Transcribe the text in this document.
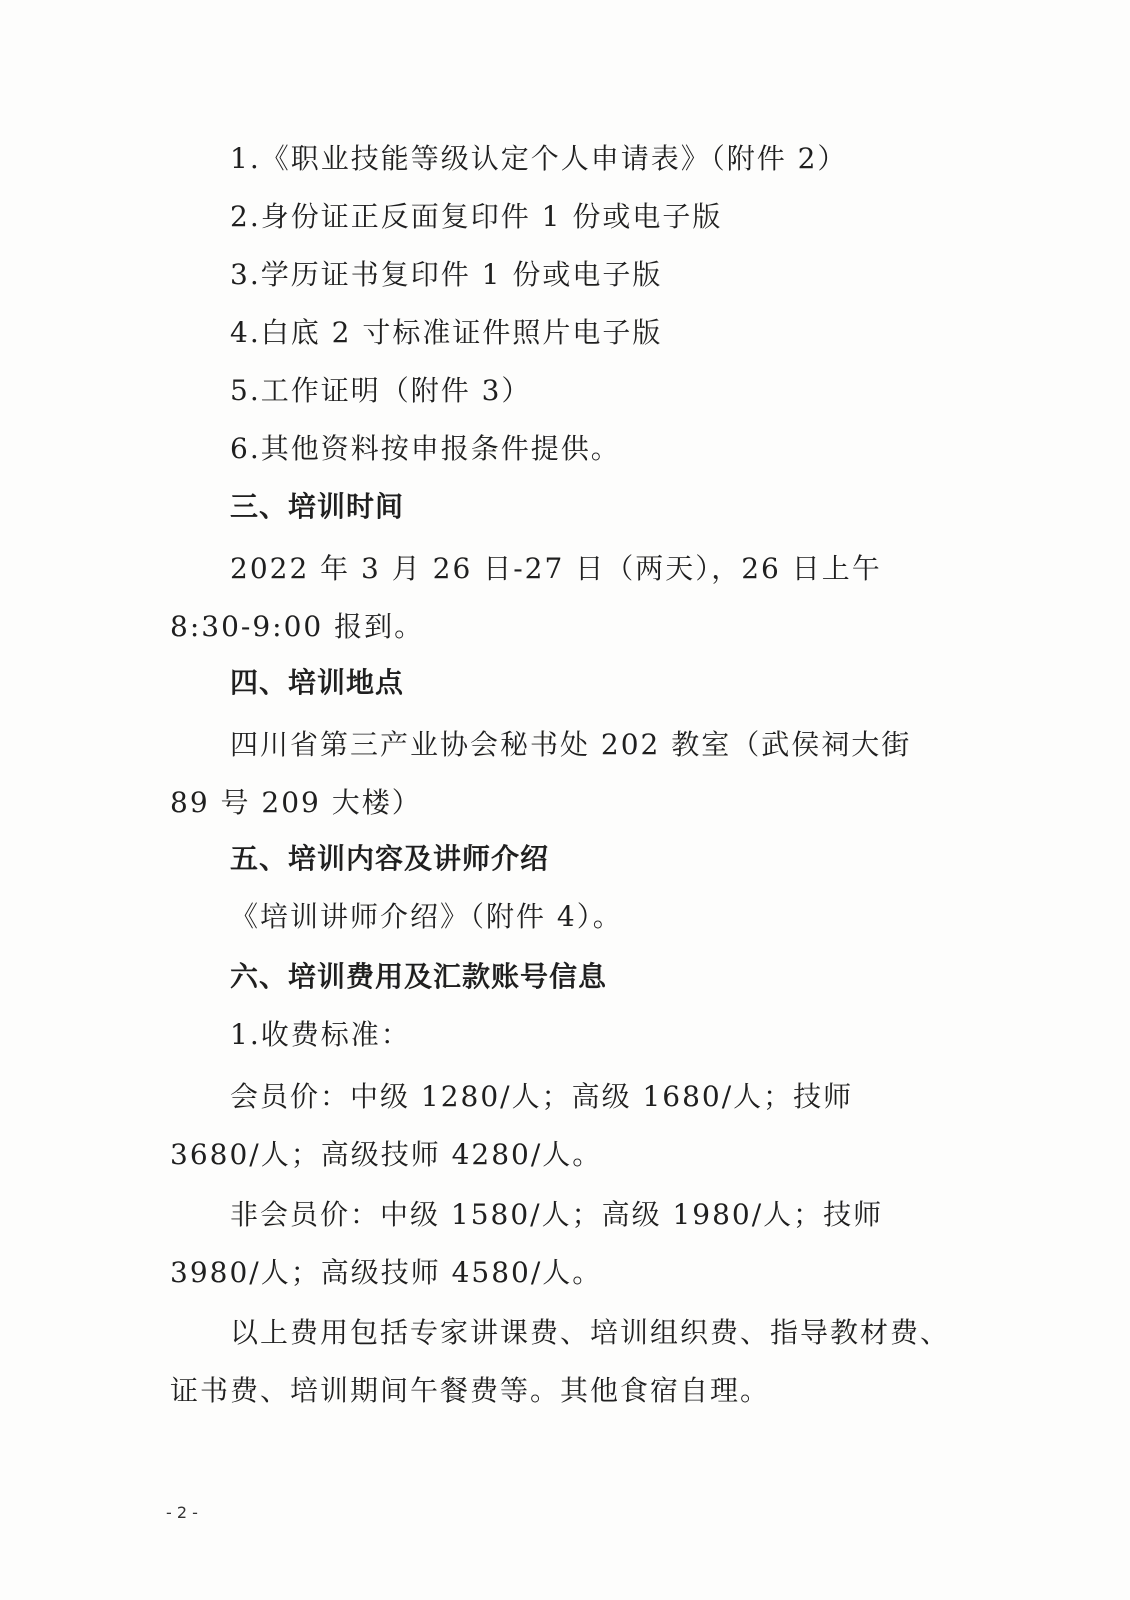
1.《职业技能等级认定个人申请表》（附件 2）
2.身份证正反面复印件 1 份或电子版
3.学历证书复印件 1 份或电子版
4.白底 2 寸标准证件照片电子版
5.工作证明（附件 3）
6.其他资料按申报条件提供。
三、培训时间
2022 年 3 月 26 日-27 日（两天），26 日上午 8:30-9:00 报到。
四、培训地点
四川省第三产业协会秘书处 202 教室（武侯祠大街 89 号 209 大楼）
五、培训内容及讲师介绍
《培训讲师介绍》（附件 4）。
六、培训费用及汇款账号信息
1.收费标准：
会员价：中级 1280/人；高级 1680/人；技师 3680/人；高级技师 4280/人。
非会员价：中级 1580/人；高级 1980/人；技师 3980/人；高级技师 4580/人。
以上费用包括专家讲课费、培训组织费、指导教材费、证书费、培训期间午餐费等。其他食宿自理。
- 2 -
